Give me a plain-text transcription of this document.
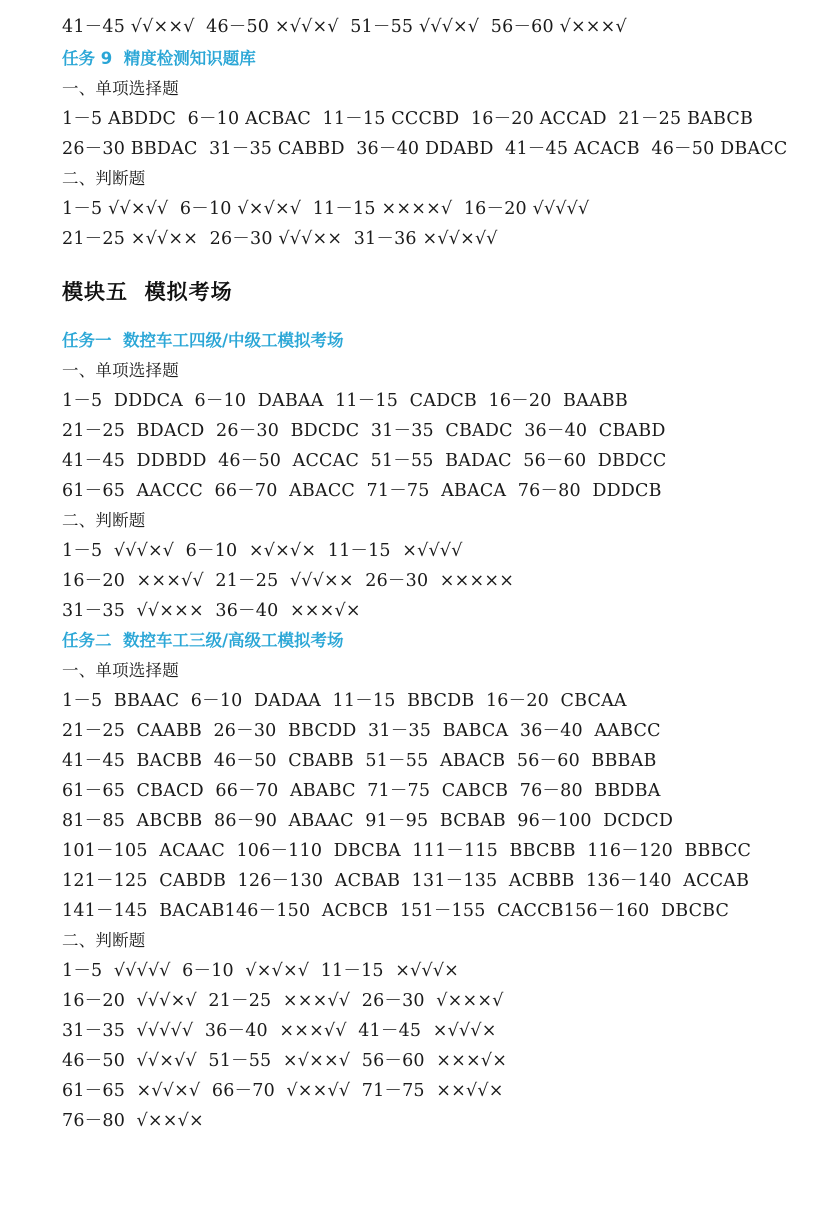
41－45 √√××√  46－50 ×√√×√  51－55 √√√×√  56－60 √×××√
任务 9  精度检测知识题库
一、单项选择题
1－5 ABDDC  6－10 ACBAC  11－15 CCCBD  16－20 ACCAD  21－25 BABCB
26－30 BBDAC  31－35 CABBD  36－40 DDABD  41－45 ACACB  46－50 DBACC
二、判断题
1－5 √√×√√  6－10 √×√×√  11－15 ××××√  16－20 √√√√√
21－25 ×√√××  26－30 √√√××  31－36 ×√√×√√
模块五  模拟考场
任务一  数控车工四级/中级工模拟考场
一、单项选择题
1－5  DDDCA  6－10  DABAA  11－15  CADCB  16－20  BAABB
21－25  BDACD  26－30  BDCDC  31－35  CBADC  36－40  CBABD
41－45  DDBDD  46－50  ACCAC  51－55  BADAC  56－60  DBDCC
61－65  AACCC  66－70  ABACC  71－75  ABACA  76－80  DDDCB
二、判断题
1－5  √√√×√  6－10  ×√×√×  11－15  ×√√√√
16－20  ×××√√  21－25  √√√××  26－30  ×××××
31－35  √√×××  36－40  ×××√×
任务二  数控车工三级/高级工模拟考场
一、单项选择题
1－5  BBAAC  6－10  DADAA  11－15  BBCDB  16－20  CBCAA
21－25  CAABB  26－30  BBCDD  31－35  BABCA  36－40  AABCC
41－45  BACBB  46－50  CBABB  51－55  ABACB  56－60  BBBAB
61－65  CBACD  66－70  ABABC  71－75  CABCB  76－80  BBDBA
81－85  ABCBB  86－90  ABAAC  91－95  BCBAB  96－100  DCDCD
101－105  ACAAC  106－110  DBCBA  111－115  BBCBB  116－120  BBBCC
121－125  CABDB  126－130  ACBAB  131－135  ACBBB  136－140  ACCAB
141－145  BACAB146－150  ACBCB  151－155  CACCB156－160  DBCBC
二、判断题
1－5  √√√√√  6－10  √×√×√  11－15  ×√√√×
16－20  √√√×√  21－25  ×××√√  26－30  √×××√
31－35  √√√√√  36－40  ×××√√  41－45  ×√√√×
46－50  √√×√√  51－55  ×√××√  56－60  ×××√×
61－65  ×√√×√  66－70  √××√√  71－75  ××√√×
76－80  √××√×
